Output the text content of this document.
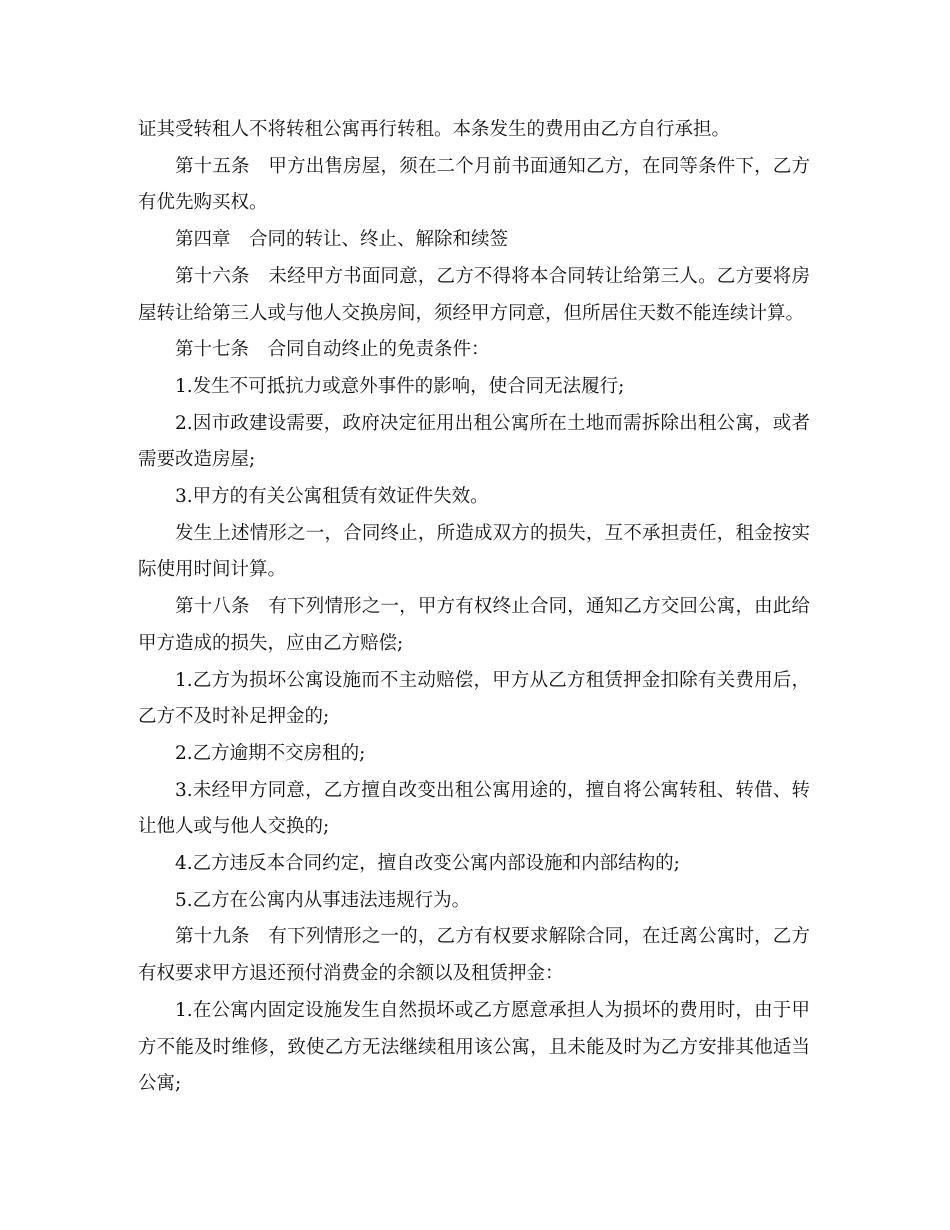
证其受转租人不将转租公寓再行转租。本条发生的费用由乙方自行承担。

第十五条　甲方出售房屋，须在二个月前书面通知乙方，在同等条件下，乙方有优先购买权。

第四章　合同的转让、终止、解除和续签

第十六条　未经甲方书面同意，乙方不得将本合同转让给第三人。乙方要将房屋转让给第三人或与他人交换房间，须经甲方同意，但所居住天数不能连续计算。

第十七条　合同自动终止的免责条件：

1.发生不可抵抗力或意外事件的影响，使合同无法履行;

2.因市政建设需要，政府决定征用出租公寓所在土地而需拆除出租公寓，或者需要改造房屋;

3.甲方的有关公寓租赁有效证件失效。

发生上述情形之一，合同终止，所造成双方的损失，互不承担责任，租金按实际使用时间计算。

第十八条　有下列情形之一，甲方有权终止合同，通知乙方交回公寓，由此给甲方造成的损失，应由乙方赔偿;

1.乙方为损坏公寓设施而不主动赔偿，甲方从乙方租赁押金扣除有关费用后，乙方不及时补足押金的;

2.乙方逾期不交房租的;

3.未经甲方同意，乙方擅自改变出租公寓用途的，擅自将公寓转租、转借、转让他人或与他人交换的;

4.乙方违反本合同约定，擅自改变公寓内部设施和内部结构的;

5.乙方在公寓内从事违法违规行为。

第十九条　有下列情形之一的，乙方有权要求解除合同，在迁离公寓时，乙方有权要求甲方退还预付消费金的余额以及租赁押金：

1.在公寓内固定设施发生自然损坏或乙方愿意承担人为损坏的费用时，由于甲方不能及时维修，致使乙方无法继续租用该公寓，且未能及时为乙方安排其他适当公寓;
